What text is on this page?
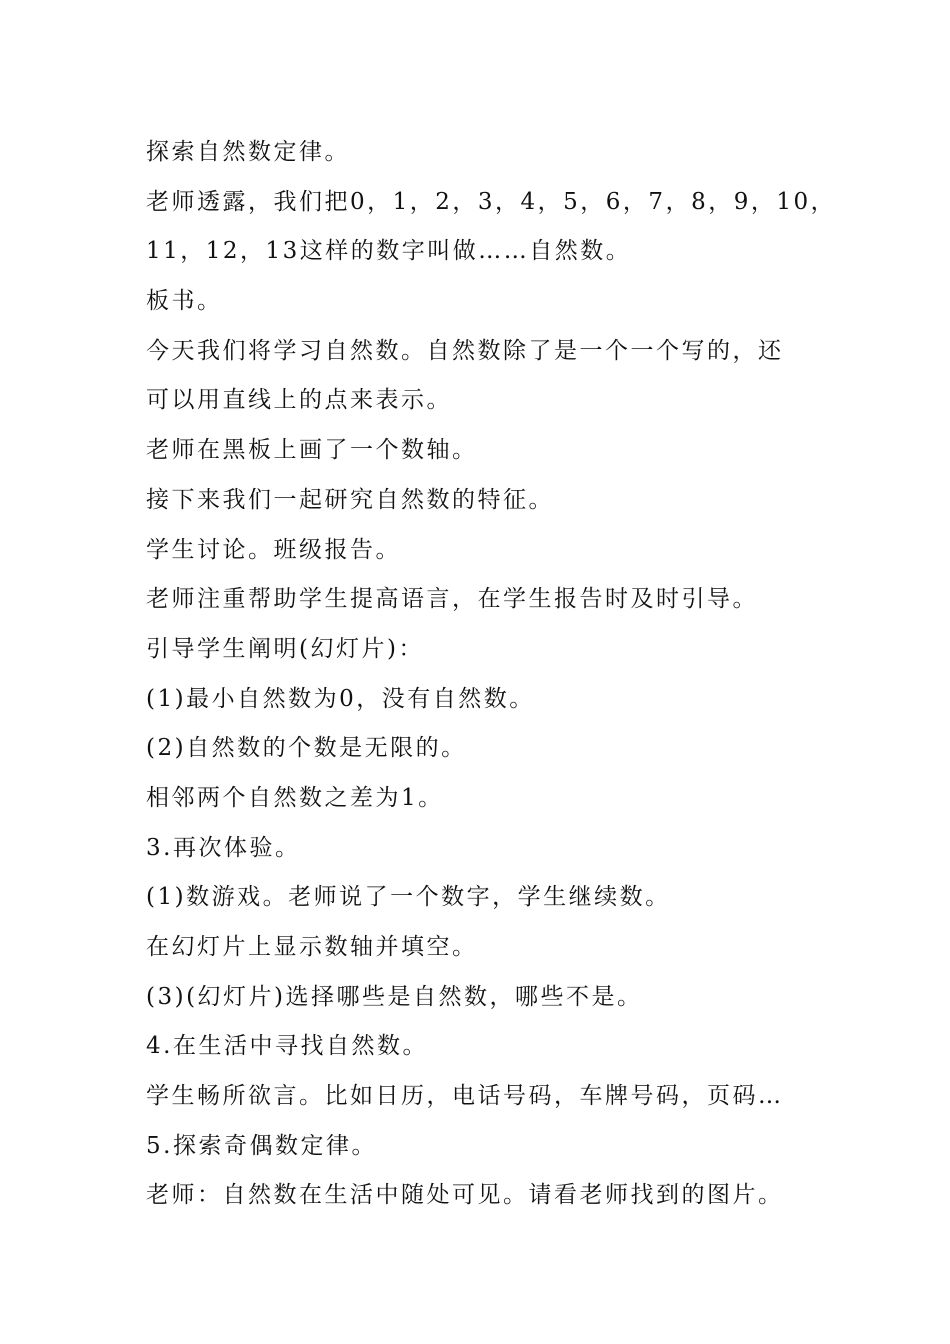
探索自然数定律。
老师透露，我们把0，1，2，3，4，5，6，7，8，9，10，
11，12，13这样的数字叫做……自然数。
板书。
今天我们将学习自然数。自然数除了是一个一个写的，还
可以用直线上的点来表示。
老师在黑板上画了一个数轴。
接下来我们一起研究自然数的特征。
学生讨论。班级报告。
老师注重帮助学生提高语言，在学生报告时及时引导。
引导学生阐明(幻灯片)：
(1)最小自然数为0，没有自然数。
(2)自然数的个数是无限的。
相邻两个自然数之差为1。
3.再次体验。
(1)数游戏。老师说了一个数字，学生继续数。
在幻灯片上显示数轴并填空。
(3)(幻灯片)选择哪些是自然数，哪些不是。
4.在生活中寻找自然数。
学生畅所欲言。比如日历，电话号码，车牌号码，页码…
5.探索奇偶数定律。
老师：自然数在生活中随处可见。请看老师找到的图片。
